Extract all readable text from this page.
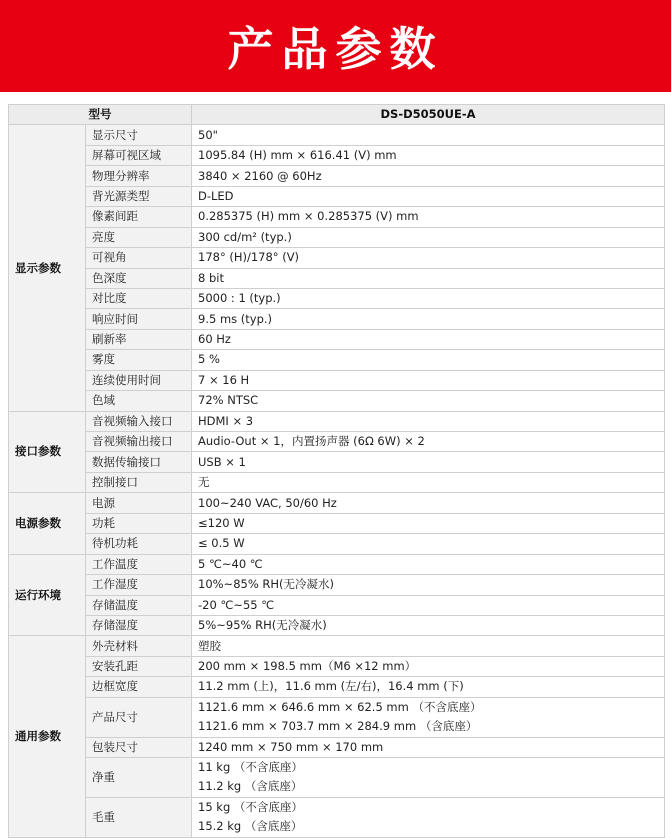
产品参数
型号		DS-D5050UE-A
显示参数	显示尺寸	50"
	屏幕可视区域	1095.84 (H) mm × 616.41 (V) mm
	物理分辨率	3840 × 2160 @ 60Hz
	背光源类型	D-LED
	像素间距	0.285375 (H) mm × 0.285375 (V) mm
	亮度	300 cd/m² (typ.)
	可视角	178° (H)/178° (V)
	色深度	8 bit
	对比度	5000 : 1 (typ.)
	响应时间	9.5 ms (typ.)
	刷新率	60 Hz
	雾度	5 %
	连续使用时间	7 × 16 H
	色域	72% NTSC
接口参数	音视频输入接口	HDMI × 3
	音视频输出接口	Audio-Out × 1，内置扬声器 (6Ω 6W) × 2
	数据传输接口	USB × 1
	控制接口	无
电源参数	电源	100~240 VAC, 50/60 Hz
	功耗	≤120 W
	待机功耗	≤ 0.5 W
运行环境	工作温度	5 ℃~40 ℃
	工作湿度	10%~85% RH(无冷凝水)
	存储温度	-20 ℃~55 ℃
	存储湿度	5%~95% RH(无冷凝水)
通用参数	外壳材料	塑胶
	安装孔距	200 mm × 198.5 mm（M6 ×12 mm）
	边框宽度	11.2 mm (上)，11.6 mm (左/右)，16.4 mm (下)
	产品尺寸	1121.6 mm × 646.6 mm × 62.5 mm （不含底座）
1121.6 mm × 703.7 mm × 284.9 mm （含底座）

	包装尺寸	1240 mm × 750 mm × 170 mm
	净重	11 kg （不含底座）
11.2 kg （含底座）

	毛重	15 kg （不含底座）
15.2 kg （含底座）
